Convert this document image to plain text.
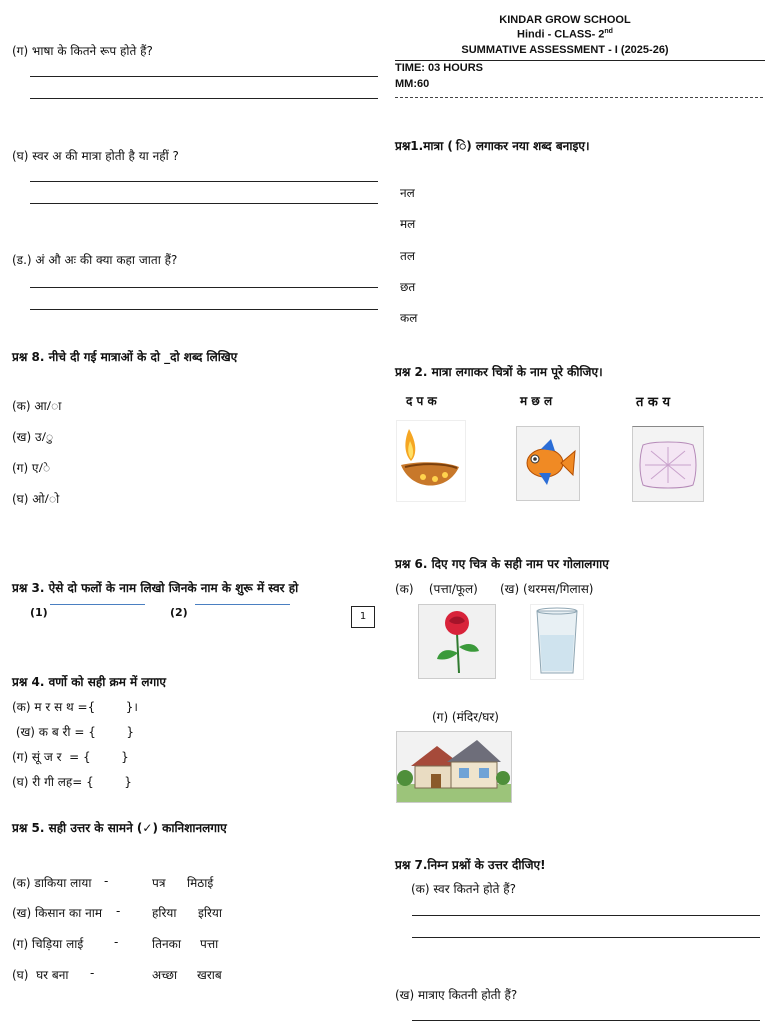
KINDAR GROW SCHOOL
Hindi - CLASS- 2nd
SUMMATIVE ASSESSMENT - I (2025-26)
TIME: 03 HOURS
MM:60
(ग) भाषा के कितने रूप होते हैं?
(घ) स्वर अ की मात्रा होती है या नहीं ?
(ड.) अं औ अः की क्या कहा जाता हैं?
प्रश्न 8. नीचे दी गई मात्राओं के दो _दो शब्द लिखिए
(क) आ/ा
(ख) उ/ु
(ग) ए/े
(घ) ओ/ो
प्रश्न 3. ऐसे दो फलों के नाम लिखो जिनके नाम के शुरू में स्वर हो
(1)	(2)	1
प्रश्न 4. वर्णो को सही क्रम में लगाए
(क) म र स थ ={        }।
(ख) क ब री = {        }
(ग) सूं ज र  = {        }
(घ) री गी लह= {        }
प्रश्न 5. सही उत्तर के सामने (✓) कानिशानलगाए
(क) डाकिया लाया -	पत्र मिठाई
(ख) किसान का नाम -	हरिया इरिया
(ग) चिड़िया लाई	-	तिनका पत्ता
(घ)  घर बना -	अच्छा खराब
प्रश्न1.मात्रा ( ि) लगाकर नया शब्द बनाइए।
नल
मल
तल
छत
कल
प्रश्न 2. मात्रा लगाकर चित्रों के नाम पूरे कीजिए।
द प क	म छ ल	त क य
प्रश्न 6. दिए गए चित्र के सही नाम पर गोलालगाए
(क)    (पत्ता/फूल) (ख) (थरमस/गिलास)
(ग) (मंदिर/घर)
प्रश्न 7.निम्न प्रश्नों के उत्तर दीजिए!
(क) स्वर कितने होते हैं?
(ख) मात्राए कितनी होती हैं?
